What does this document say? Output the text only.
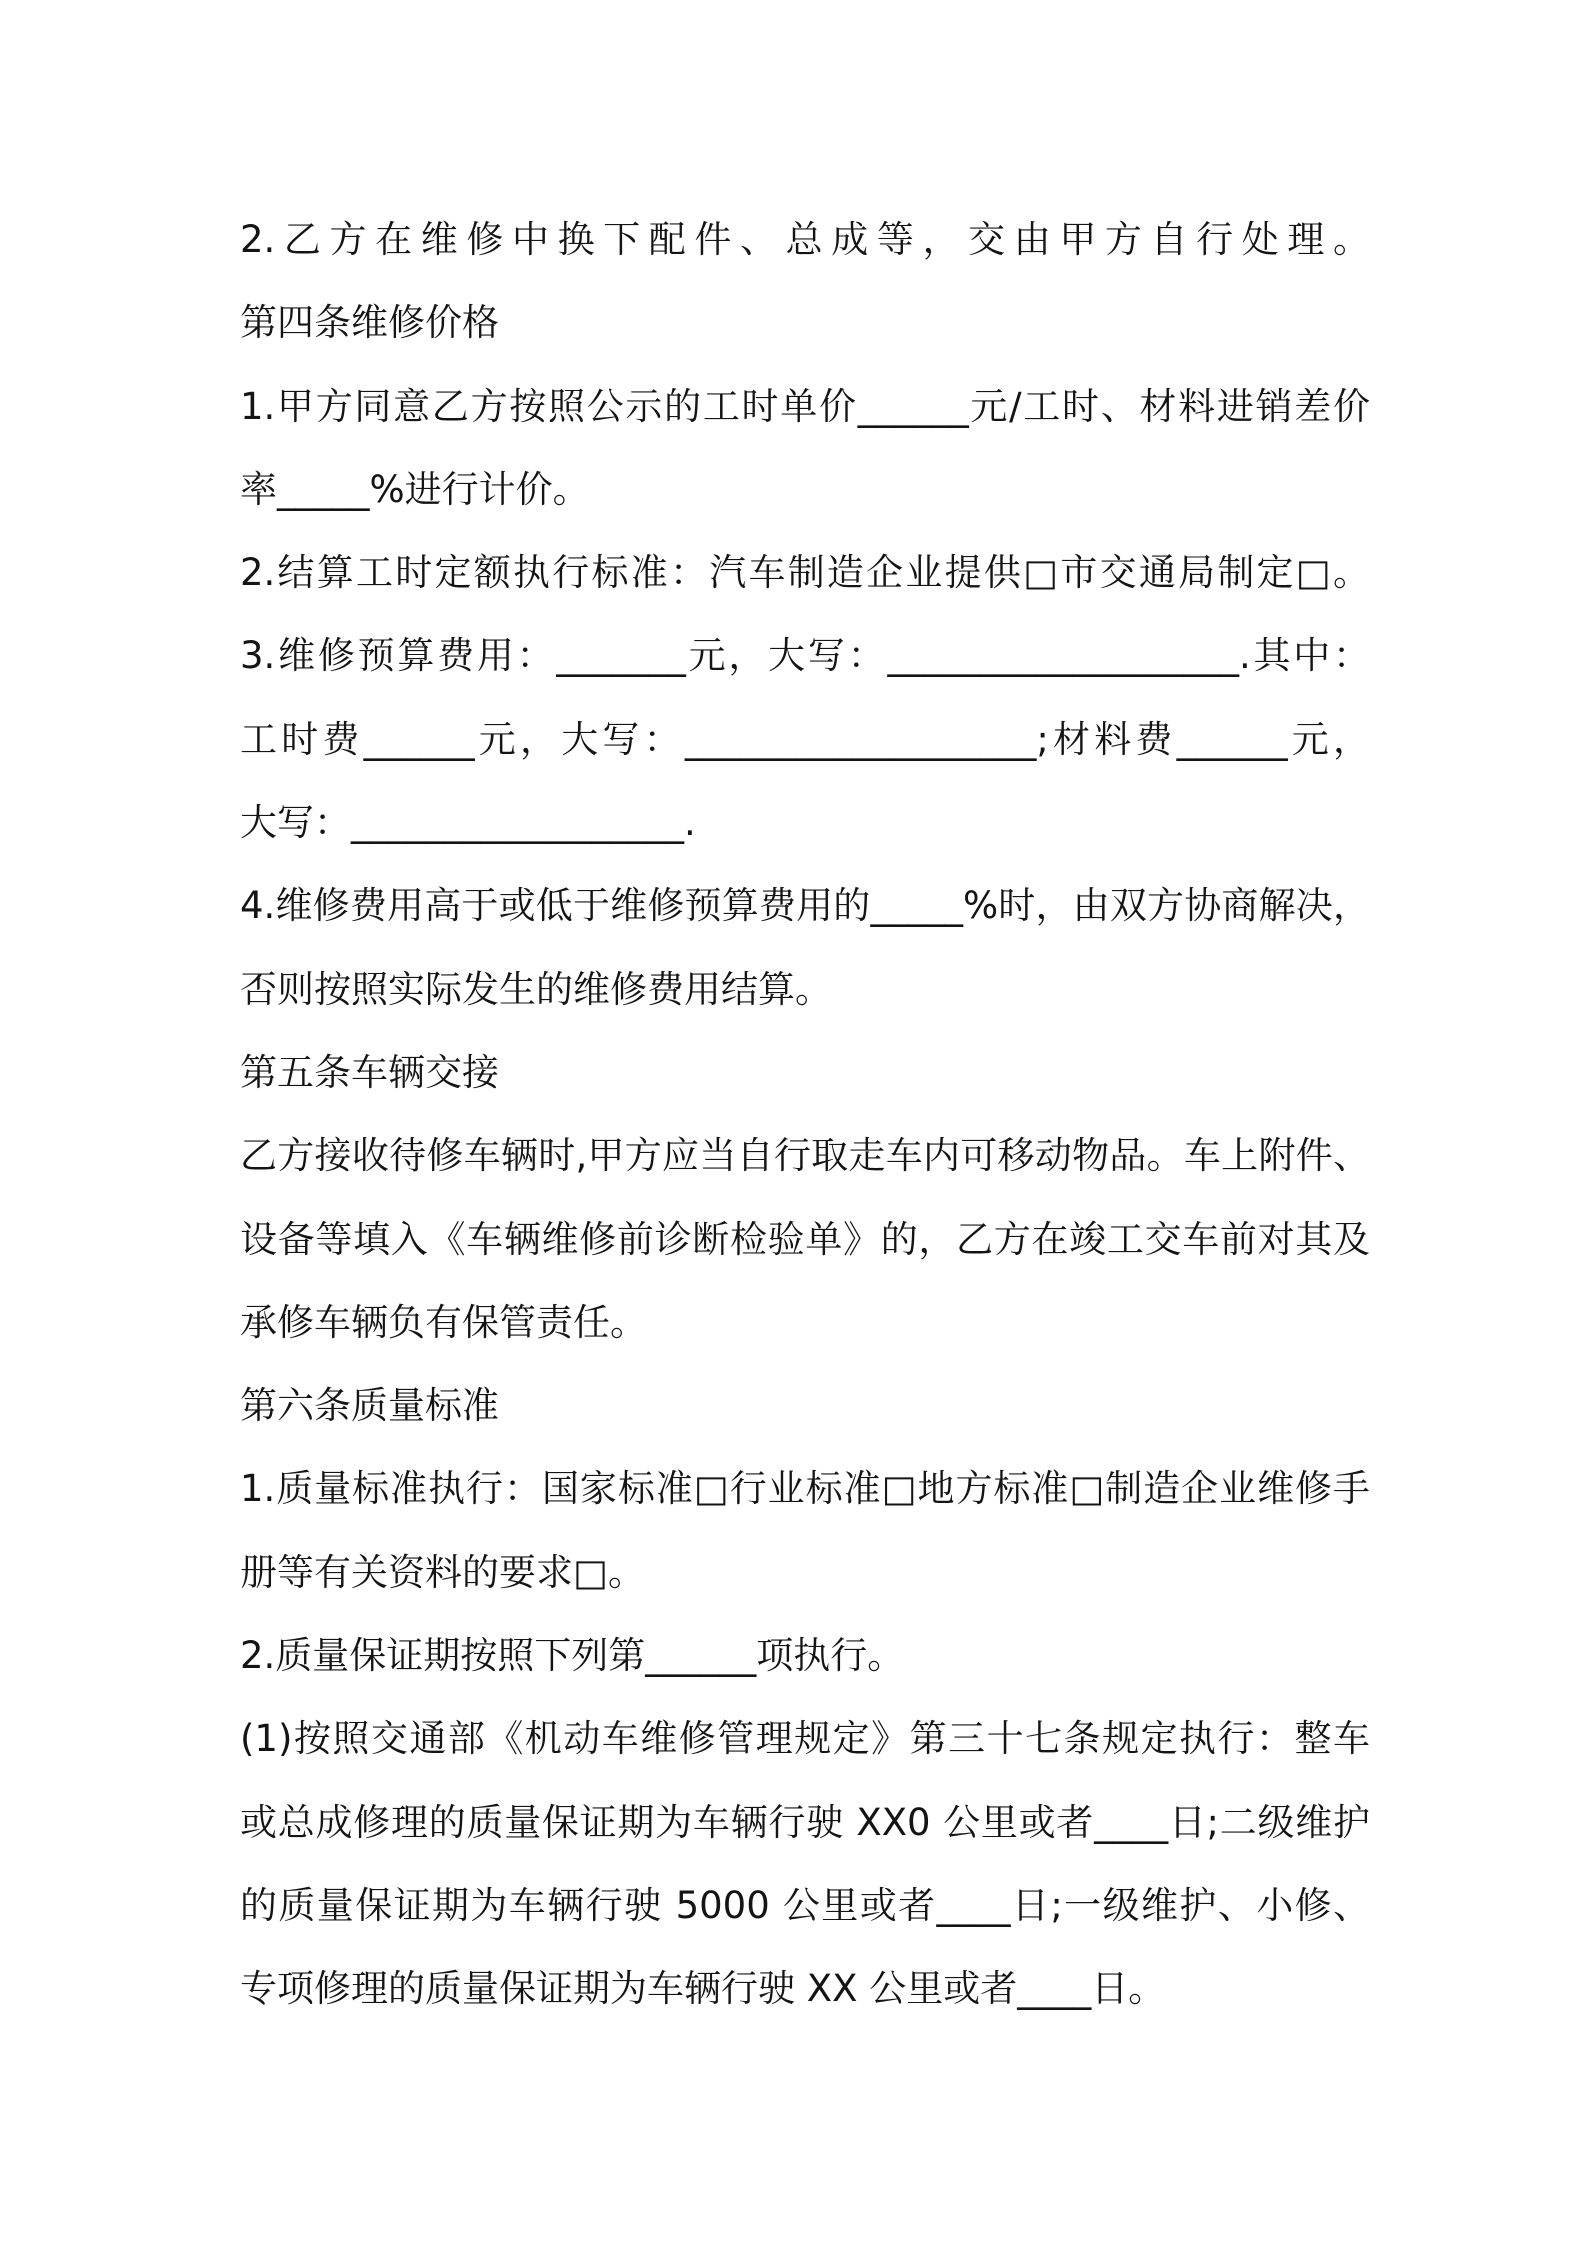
2.乙方在维修中换下配件、总成等，交由甲方自行处理。
第四条维修价格
1.甲方同意乙方按照公示的工时单价______元/工时、材料进销差价
率_____%进行计价。
2.结算工时定额执行标准：汽车制造企业提供□市交通局制定□。
3.维修预算费用：_______元，大写：___________________.其中：
工时费______元，大写：___________________;材料费______元，
大写：__________________.
4.维修费用高于或低于维修预算费用的_____%时，由双方协商解决，
否则按照实际发生的维修费用结算。
第五条车辆交接
乙方接收待修车辆时,甲方应当自行取走车内可移动物品。车上附件、
设备等填入《车辆维修前诊断检验单》的，乙方在竣工交车前对其及
承修车辆负有保管责任。
第六条质量标准
1.质量标准执行：国家标准□行业标准□地方标准□制造企业维修手
册等有关资料的要求□。
2.质量保证期按照下列第______项执行。
(1)按照交通部《机动车维修管理规定》第三十七条规定执行：整车
或总成修理的质量保证期为车辆行驶 XX0 公里或者____日;二级维护
的质量保证期为车辆行驶 5000 公里或者____日;一级维护、小修、
专项修理的质量保证期为车辆行驶 XX 公里或者____日。
